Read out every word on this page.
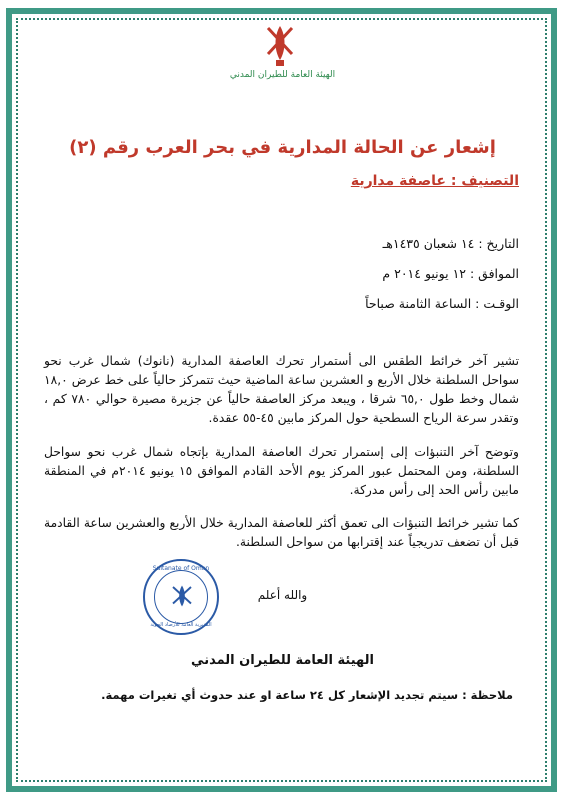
الهيئة العامة للطيران المدني
إشعار عن الحالة المدارية في بحر العرب رقم (٢)
التصنيف : عاصفة مدارية
التاريخ : ١٤ شعبان ١٤٣٥هـ
الموافق : ١٢ يونيو ٢٠١٤ م
الوقـت : الساعة الثامنة صباحاً
تشير آخر خرائط الطقس الى أستمرار تحرك العاصفة المدارية (نانوك) شمال غرب نحو سواحل السلطنة خلال الأربع و العشرين ساعة الماضية حيث تتمركز حالياً على خط عرض ١٨,٠ شمال وخط طول ٦٥,٠ شرقا ، ويبعد مركز العاصفة حالياً عن جزيرة مصيرة حوالي ٧٨٠ كم ، وتقدر سرعة الرياح السطحية حول المركز مابين ٤٥-٥٥ عقدة.
وتوضح آخر التنبؤات إلى إستمرار تحرك العاصفة المدارية بإتجاه شمال غرب نحو سواحل السلطنة، ومن المحتمل عبور المركز يوم الأحد القادم الموافق ١٥ يونيو ٢٠١٤م في المنطقة مابين رأس الحد إلى رأس مدركة.
كما تشير خرائط التنبؤات الى تعمق أكثر للعاصفة المدارية خلال الأربع والعشرين ساعة القادمة قبل أن تضعف تدريجياً عند إقترابها من سواحل السلطنة.
Sultanate of Oman
المديرية العامة للأرصاد الجوية
والله أعلم
الهيئة العامة للطيران المدني
ملاحظة : سيتم تجديد الإشعار كل ٢٤ ساعة او عند حدوث أي تغيرات مهمة.
